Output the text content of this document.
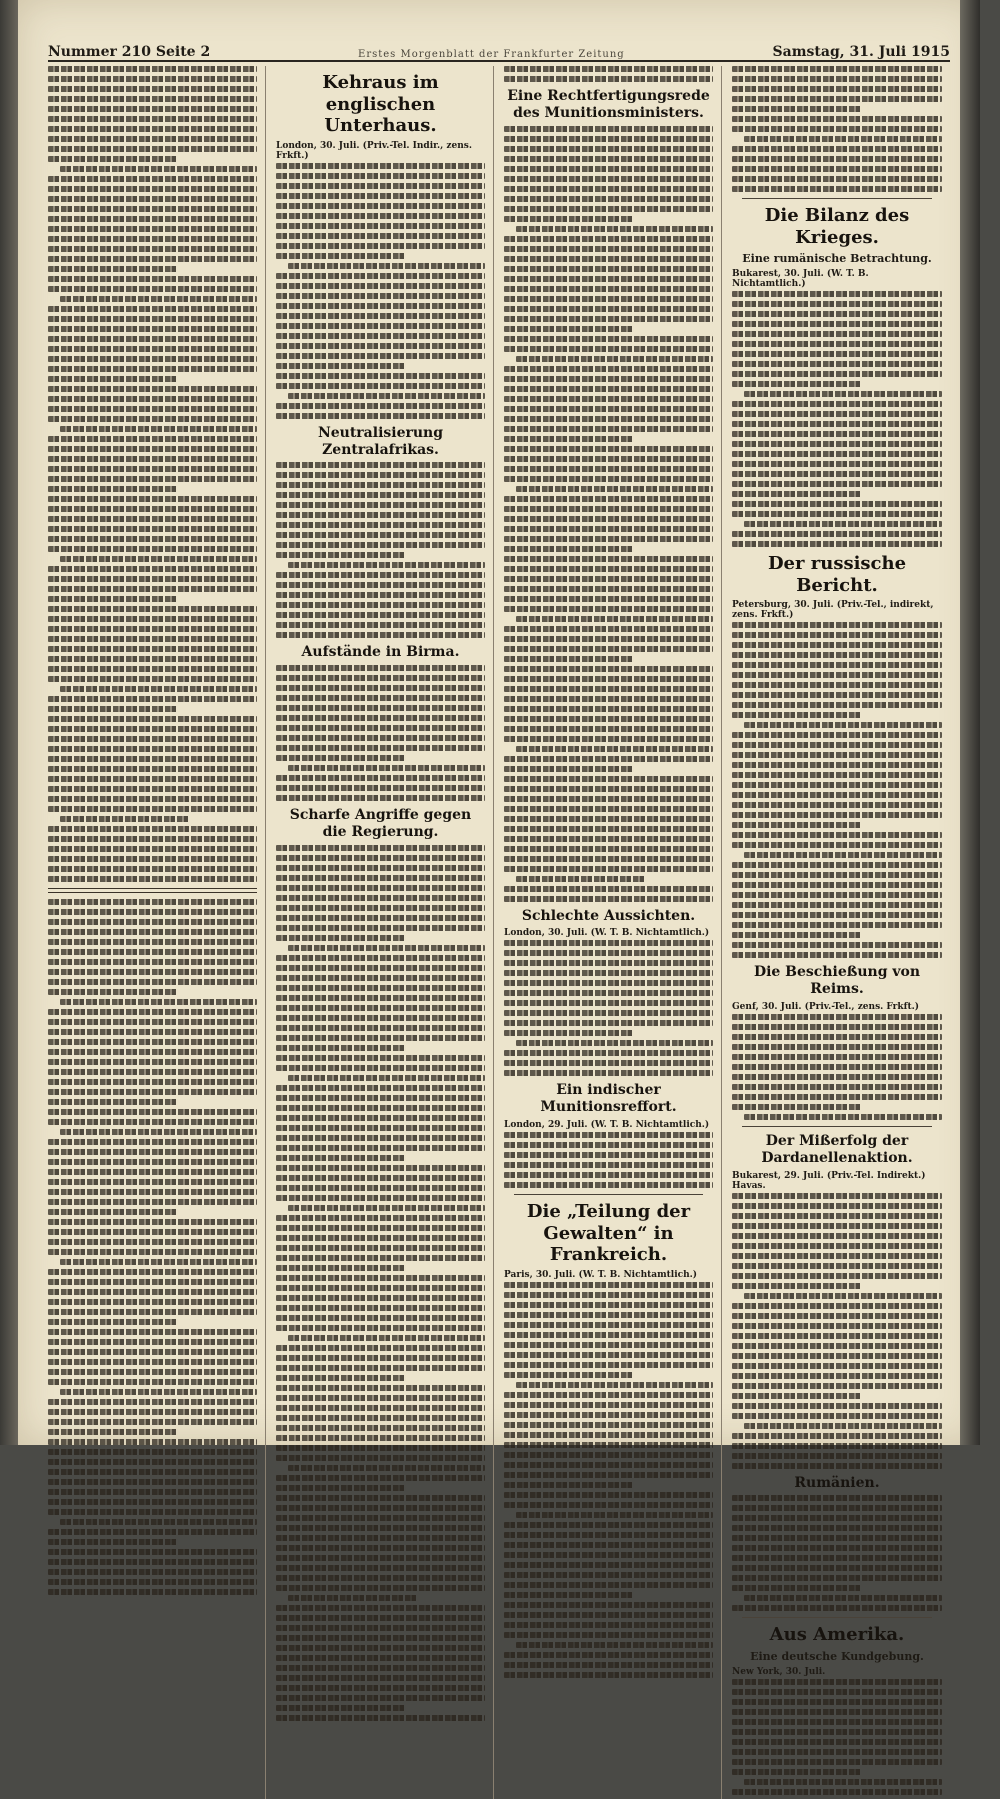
Nummer 210 Seite 2	Erstes Morgenblatt der Frankfurter Zeitung	Samstag, 31. Juli 1915
Kehraus im englischen Unterhaus.
London, 30. Juli. (Priv.-Tel. Indir., zens. Frkft.)
Neutralisierung Zentralafrikas.
Aufstände in Birma.
Scharfe Angriffe gegen die Regierung.
Eine Rechtfertigungsrede des Munitionsministers.
Schlechte Aussichten.
London, 30. Juli. (W. T. B. Nichtamtlich.)
Ein indischer Munitionsreffort.
London, 29. Juli. (W. T. B. Nichtamtlich.)
Die „Teilung der Gewalten“ in Frankreich.
Paris, 30. Juli. (W. T. B. Nichtamtlich.)
Die Bilanz des Krieges.
Eine rumänische Betrachtung.
Bukarest, 30. Juli. (W. T. B. Nichtamtlich.)
Der russische Bericht.
Petersburg, 30. Juli. (Priv.-Tel., indirekt, zens. Frkft.)
Die Beschießung von Reims.
Genf, 30. Juli. (Priv.-Tel., zens. Frkft.)
Der Mißerfolg der Dardanellenaktion.
Bukarest, 29. Juli. (Priv.-Tel. Indirekt.) Havas.
Rumänien.
Aus Amerika.
Eine deutsche Kundgebung.
New York, 30. Juli.
